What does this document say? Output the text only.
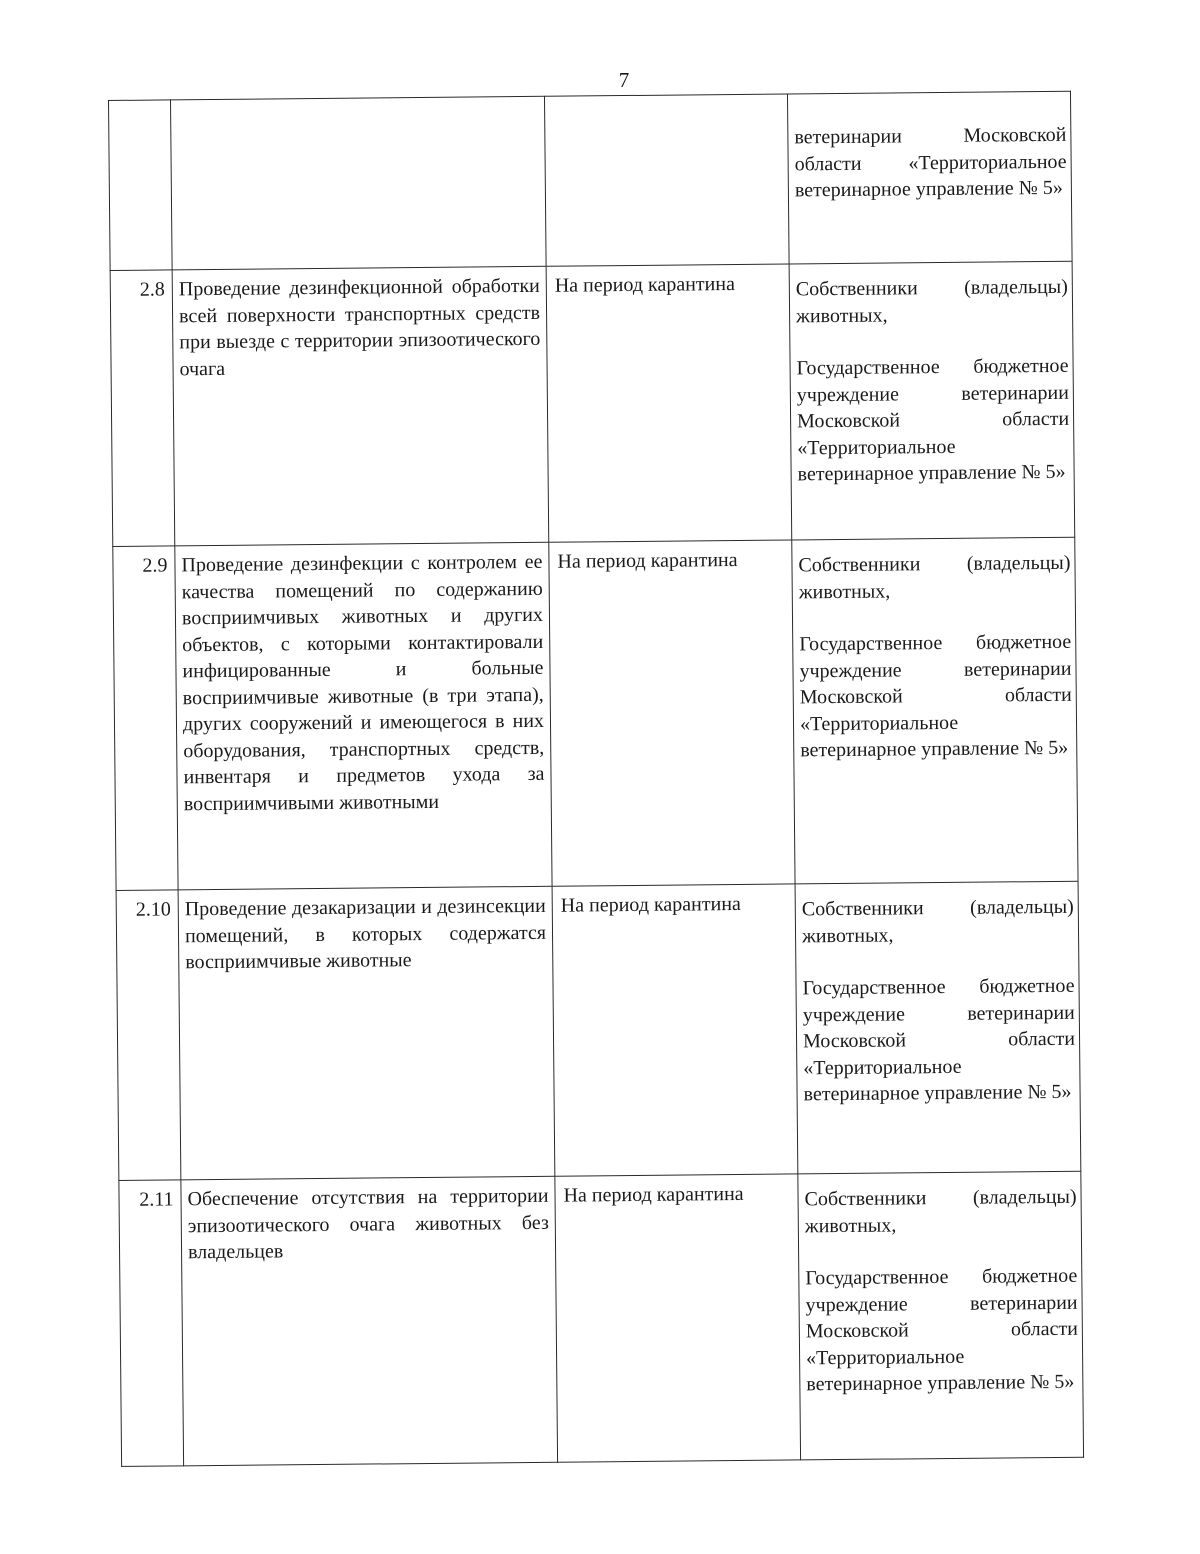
7

			ветеринарии Московской области «Территориальное ветеринарное управление № 5»

2.8	Проведение дезинфекционной обработки всей поверхности транспортных средств при выезде с территории эпизоотического очага	На период карантина	Собственники (владельцы) животных,
Государственное бюджетное учреждение ветеринарии Московской области «Территориальное ветеринарное управление № 5»

2.9	Проведение дезинфекции с контролем ее качества помещений по содержанию восприимчивых животных и других объектов, с которыми контактировали инфицированные и больные восприимчивые животные (в три этапа), других сооружений и имеющегося в них оборудования, транспортных средств, инвентаря и предметов ухода за восприимчивыми животными	На период карантина	Собственники (владельцы) животных,
Государственное бюджетное учреждение ветеринарии Московской области «Территориальное ветеринарное управление № 5»

2.10	Проведение дезакаризации и дезинсекции помещений, в которых содержатся восприимчивые животные	На период карантина	Собственники (владельцы) животных,
Государственное бюджетное учреждение ветеринарии Московской области «Территориальное ветеринарное управление № 5»

2.11	Обеспечение отсутствия на территории эпизоотического очага животных без владельцев	На период карантина	Собственники (владельцы) животных,
Государственное бюджетное учреждение ветеринарии Московской области «Территориальное ветеринарное управление № 5»
